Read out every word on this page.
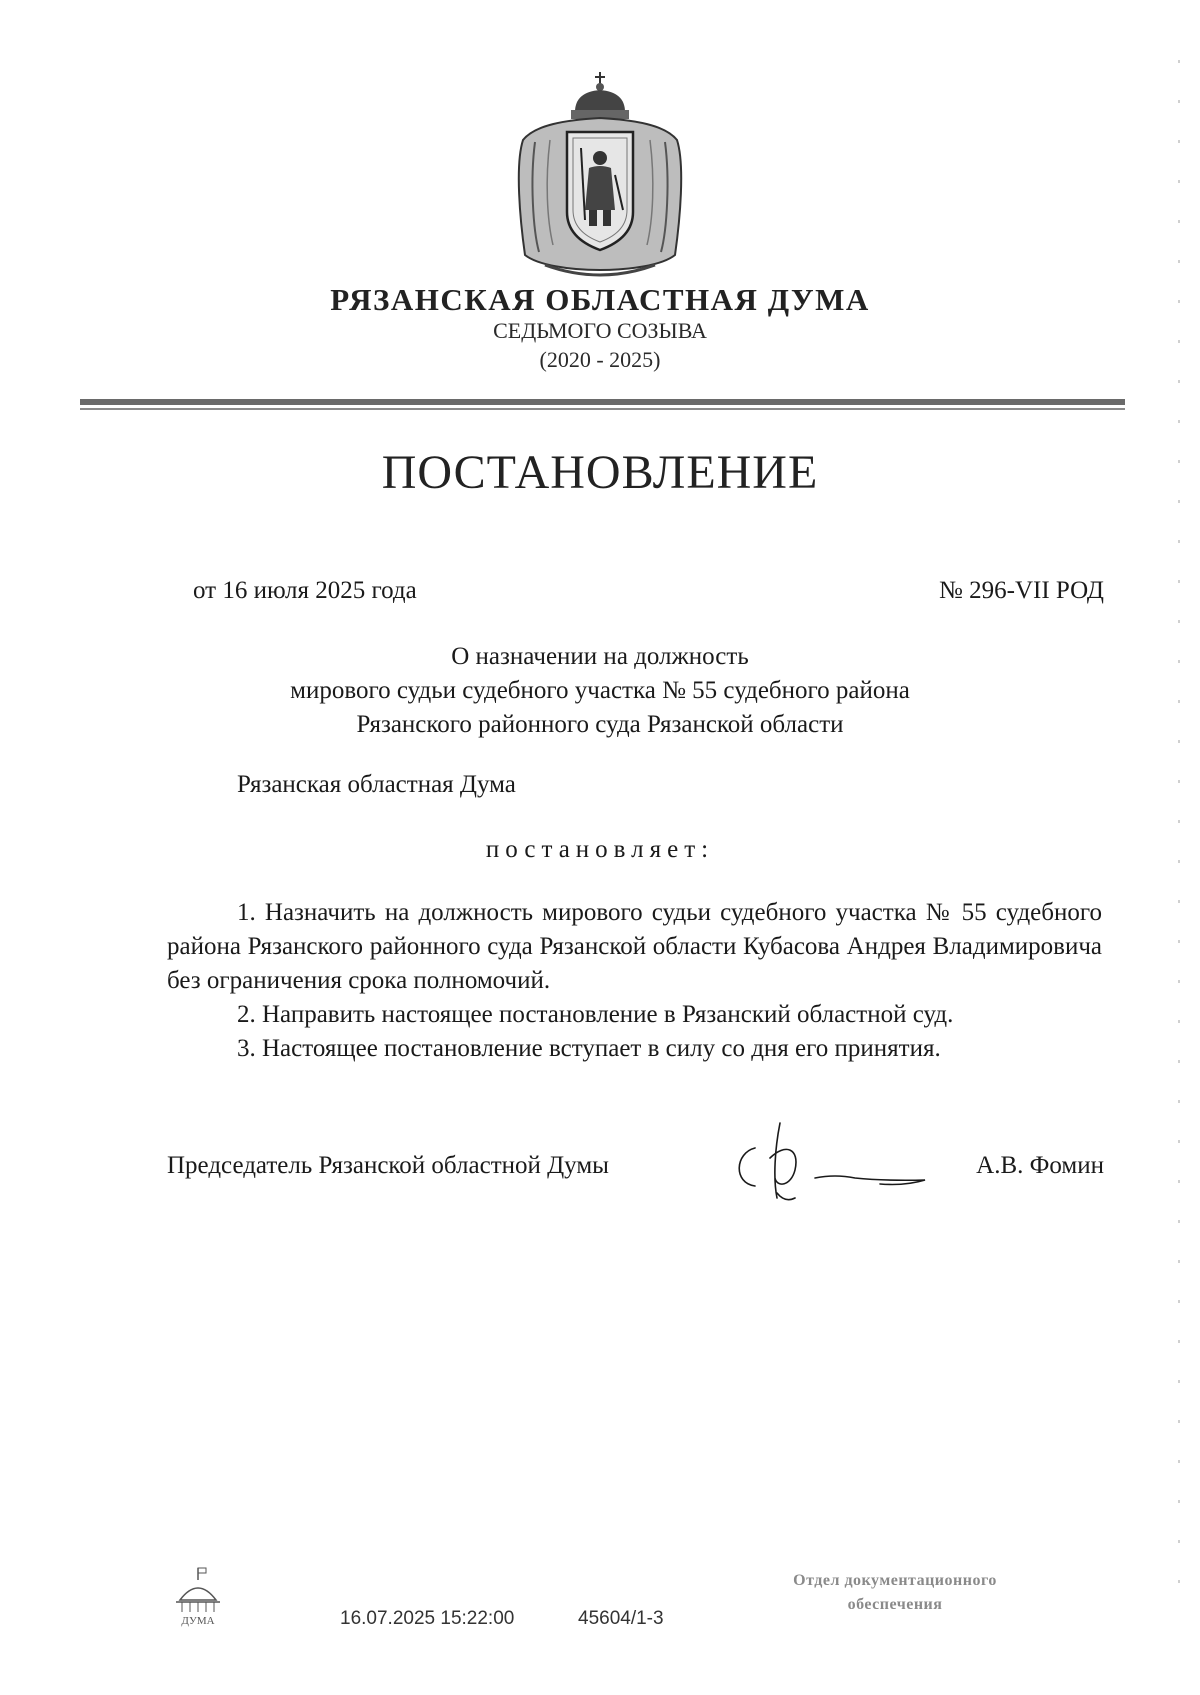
РЯЗАНСКАЯ ОБЛАСТНАЯ ДУМА
СЕДЬМОГО СОЗЫВА
(2020 - 2025)
ПОСТАНОВЛЕНИЕ
от 16 июля 2025 года	№ 296-VII РОД
О назначении на должность
мирового судьи судебного участка № 55 судебного района
Рязанского районного суда Рязанской области
Рязанская областная Дума
постановляет:

1. Назначить на должность мирового судьи судебного участка № 55 судебного района Рязанского районного суда Рязанской области Кубасова Андрея Владимировича без ограничения срока полномочий.

2. Направить настоящее постановление в Рязанский областной суд.

3. Настоящее постановление вступает в силу со дня его принятия.

Председатель Рязанской областной Думы	А.В. Фомин
ДУМА	16.07.2025 15:22:00	45604/1-3
Отдел документационного
обеспечения
